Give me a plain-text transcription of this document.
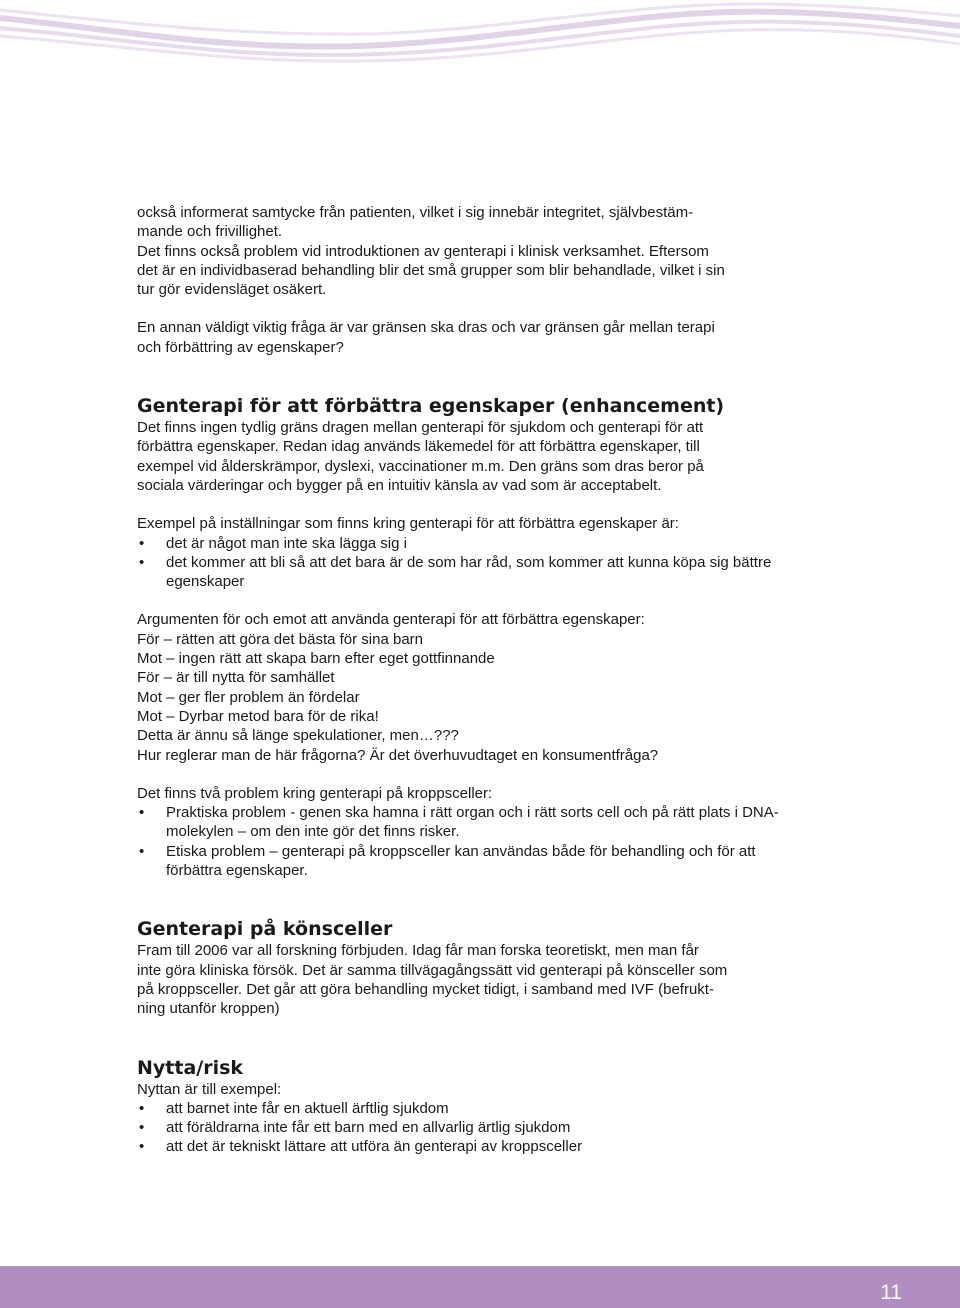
också informerat samtycke från patienten, vilket i sig innebär integritet, självbestäm-

mande och frivillighet.

Det finns också problem vid introduktionen av genterapi i klinisk verksamhet. Eftersom

det är en individbaserad behandling blir det små grupper som blir behandlade, vilket i sin

tur gör evidensläget osäkert.

En annan väldigt viktig fråga är var gränsen ska dras och var gränsen går mellan terapi

och förbättring av egenskaper?

Genterapi för att förbättra egenskaper (enhancement)

Det finns ingen tydlig gräns dragen mellan genterapi för sjukdom och genterapi för att

förbättra egenskaper. Redan idag används läkemedel för att förbättra egenskaper, till

exempel vid ålderskrämpor, dyslexi, vaccinationer m.m. Den gräns som dras beror på

sociala värderingar och bygger på en intuitiv känsla av vad som är acceptabelt.

Exempel på inställningar som finns kring genterapi för att förbättra egenskaper är:

• det är något man inte ska lägga sig i
• det kommer att bli så att det bara är de som har råd, som kommer att kunna köpa sig bättre egenskaper

Argumenten för och emot att använda genterapi för att förbättra egenskaper:

För – rätten att göra det bästa för sina barn

Mot – ingen rätt att skapa barn efter eget gottfinnande

För – är till nytta för samhället

Mot – ger fler problem än fördelar

Mot – Dyrbar metod bara för de rika!

Detta är ännu så länge spekulationer, men…???

Hur reglerar man de här frågorna? Är det överhuvudtaget en konsumentfråga?

Det finns två problem kring genterapi på kroppsceller:

• Praktiska problem - genen ska hamna i rätt organ och i rätt sorts cell och på rätt plats i DNA-molekylen – om den inte gör det finns risker.
• Etiska problem – genterapi på kroppsceller kan användas både för behandling och för att förbättra egenskaper.
Genterapi på könsceller

Fram till 2006 var all forskning förbjuden. Idag får man forska teoretiskt, men man får

inte göra kliniska försök. Det är samma tillvägagångssätt vid genterapi på könsceller som

på kroppsceller. Det går att göra behandling mycket tidigt, i samband med IVF (befrukt-

ning utanför kroppen)

Nytta/risk

Nyttan är till exempel:

• att barnet inte får en aktuell ärftlig sjukdom
• att föräldrarna inte får ett barn med en allvarlig ärtlig sjukdom
• att det är tekniskt lättare att utföra än genterapi av kroppsceller
11
